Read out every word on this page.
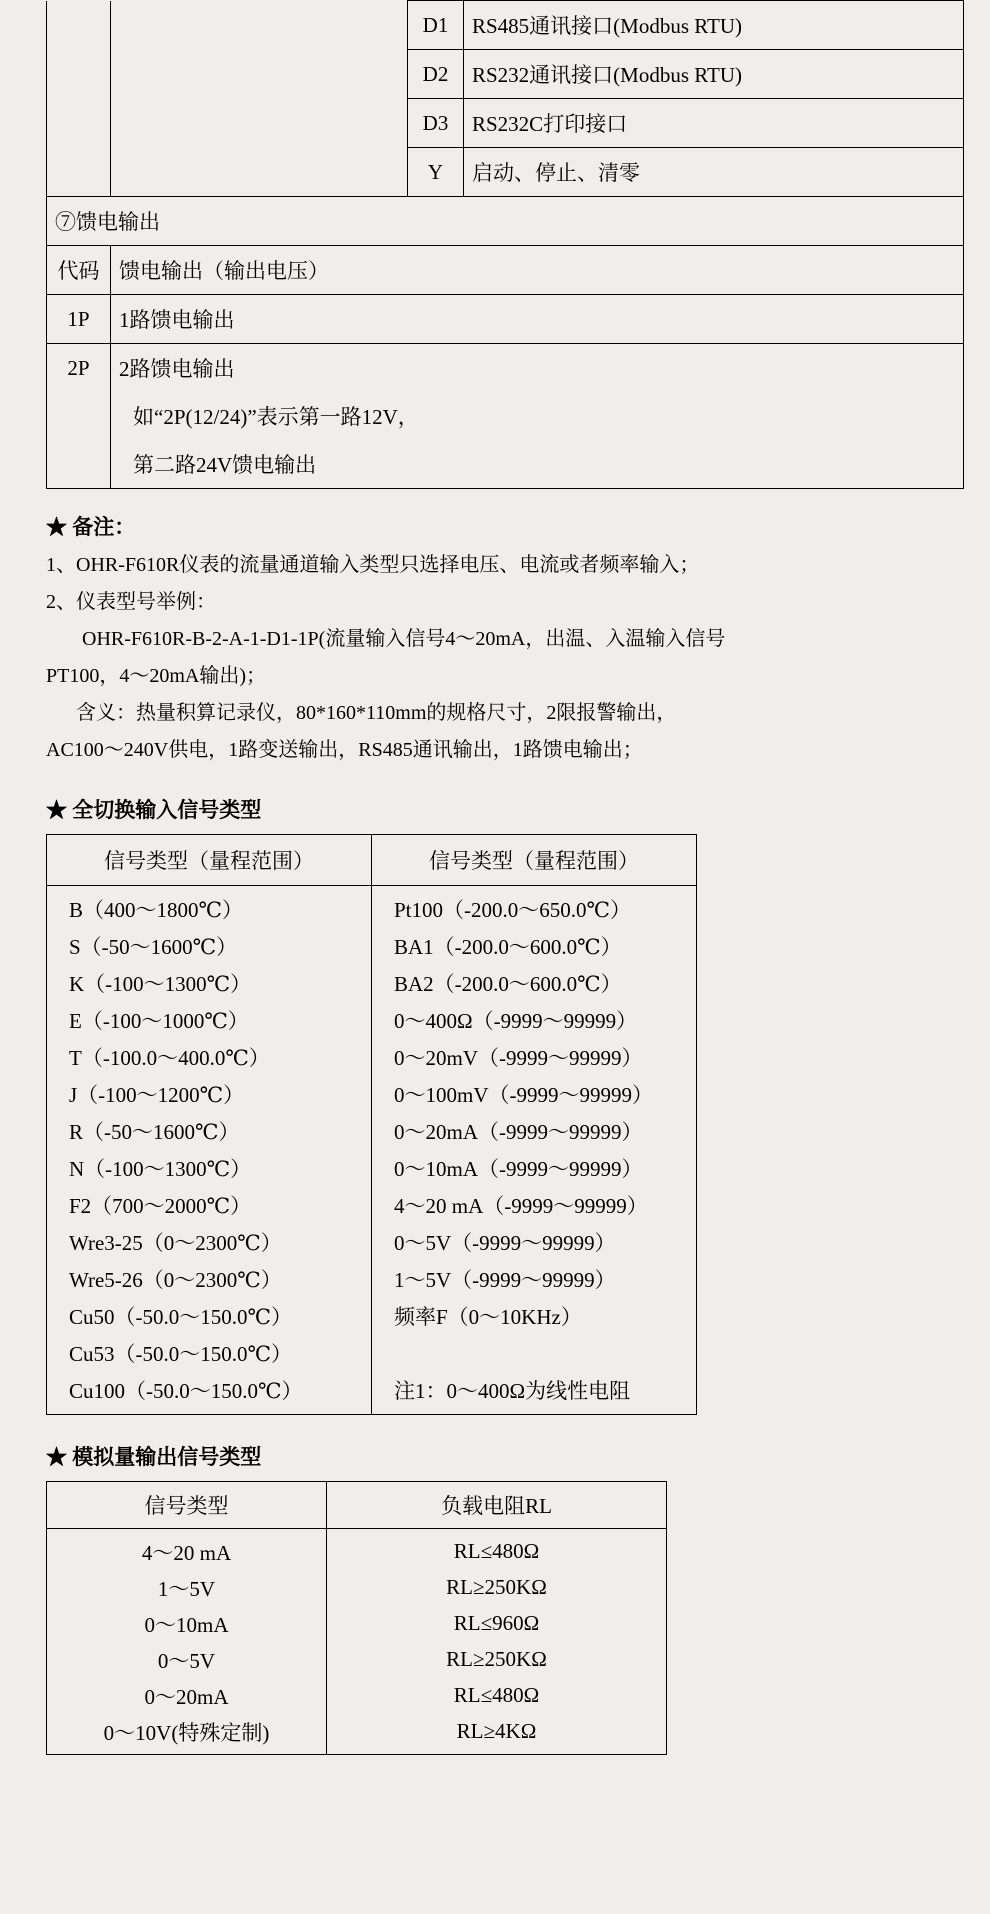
		D1	RS485通讯接口(Modbus RTU)
		D2	RS232通讯接口(Modbus RTU)
		D3	RS232C打印接口
		Y	启动、停止、清零
⑦馈电输出			
代码	馈电输出（输出电压）		
1P	1路馈电输出		
2P	2路馈电输出		
	如“2P(12/24)”表示第一路12V，		
	第二路24V馈电输出		

★ 备注：

1、OHR-F610R仪表的流量通道输入类型只选择电压、电流或者频率输入；

2、仪表型号举例：

OHR-F610R-B-2-A-1-D1-1P(流量输入信号4～20mA，出温、入温输入信号

PT100，4～20mA输出)；

含义：热量积算记录仪，80*160*110mm的规格尺寸，2限报警输出，

AC100～240V供电，1路变送输出，RS485通讯输出，1路馈电输出；

★ 全切换输入信号类型
信号类型（量程范围）	信号类型（量程范围）
B（400～1800℃）	Pt100（-200.0～650.0℃）
S（-50～1600℃）	BA1（-200.0～600.0℃）
K（-100～1300℃）	BA2（-200.0～600.0℃）
E（-100～1000℃）	0～400Ω（-9999～99999）
T（-100.0～400.0℃）	0～20mV（-9999～99999）
J（-100～1200℃）	0～100mV（-9999～99999）
R（-50～1600℃）	0～20mA（-9999～99999）
N（-100～1300℃）	0～10mA（-9999～99999）
F2（700～2000℃）	4～20 mA（-9999～99999）
Wre3-25（0～2300℃）	0～5V（-9999～99999）
Wre5-26（0～2300℃）	1～5V（-9999～99999）
Cu50（-50.0～150.0℃）	频率F（0～10KHz）
Cu53（-50.0～150.0℃）	
Cu100（-50.0～150.0℃）	注1：0～400Ω为线性电阻
★ 模拟量输出信号类型
信号类型	负载电阻RL
4～20 mA	RL≤480Ω
1～5V	RL≥250KΩ
0～10mA	RL≤960Ω
0～5V	RL≥250KΩ
0～20mA	RL≤480Ω
0～10V(特殊定制)	RL≥4KΩ
